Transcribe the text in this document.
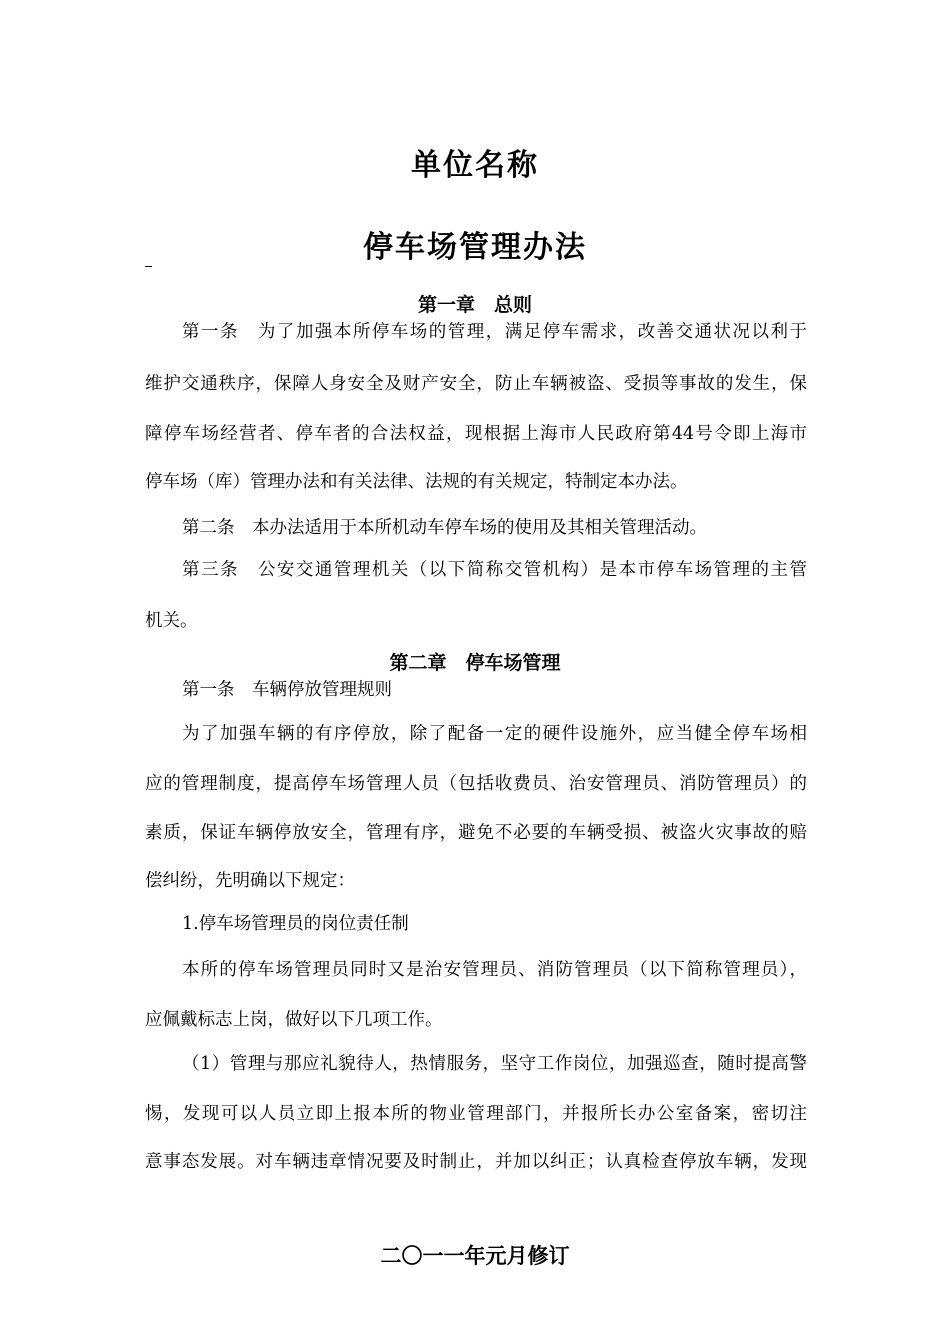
单位名称
停车场管理办法
第一章　总则
第一条　为了加强本所停车场的管理，满足停车需求，改善交通状况以利于
维护交通秩序，保障人身安全及财产安全，防止车辆被盗、受损等事故的发生，保
障停车场经营者、停车者的合法权益，现根据上海市人民政府第44号令即上海市
停车场（库）管理办法和有关法律、法规的有关规定，特制定本办法。
第二条　本办法适用于本所机动车停车场的使用及其相关管理活动。
第三条　公安交通管理机关（以下简称交管机构）是本市停车场管理的主管
机关。
第二章　停车场管理
第一条　车辆停放管理规则
为了加强车辆的有序停放，除了配备一定的硬件设施外，应当健全停车场相
应的管理制度，提高停车场管理人员（包括收费员、治安管理员、消防管理员）的
素质，保证车辆停放安全，管理有序，避免不必要的车辆受损、被盗火灾事故的赔
偿纠纷，先明确以下规定：
1.停车场管理员的岗位责任制
本所的停车场管理员同时又是治安管理员、消防管理员（以下简称管理员），
应佩戴标志上岗，做好以下几项工作。
（1）管理与那应礼貌待人，热情服务，坚守工作岗位，加强巡查，随时提高警
惕，发现可以人员立即上报本所的物业管理部门，并报所长办公室备案，密切注
意事态发展。对车辆违章情况要及时制止，并加以纠正；认真检查停放车辆，发现
二〇一一年元月修订
